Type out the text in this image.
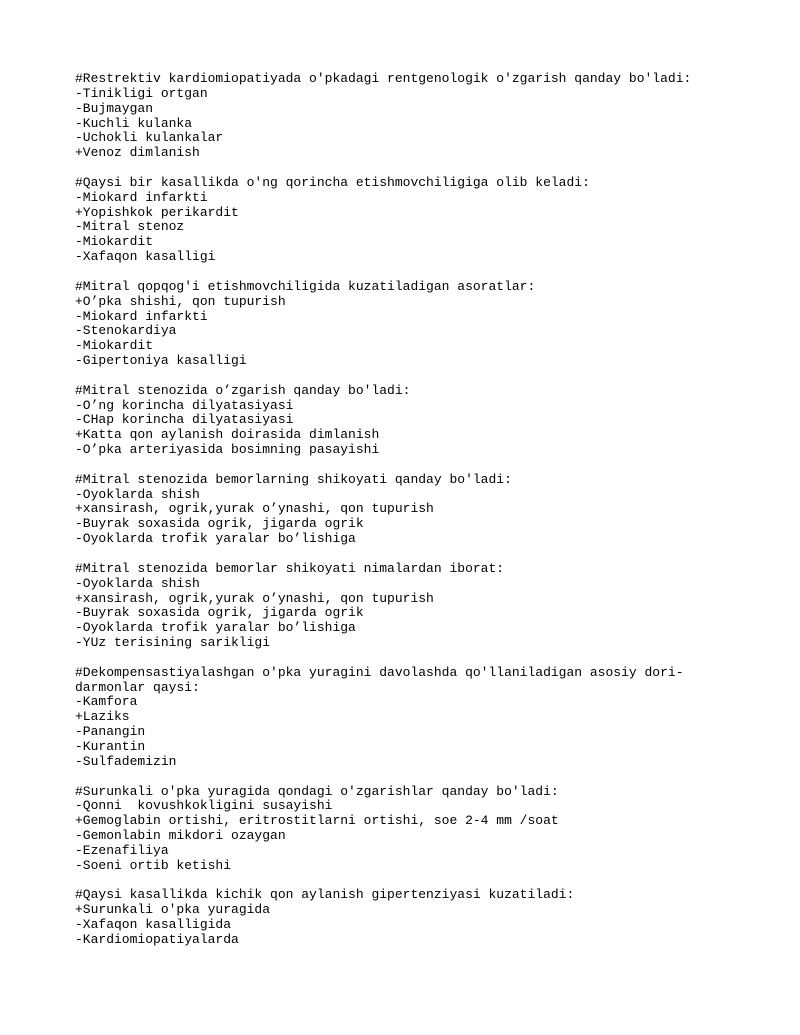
#Restrektiv kardiomiopatiyada o'pkadagi rentgenologik o'zgarish qanday bo'ladi:
-Tinikligi ortgan
-Bujmaygan
-Kuchli kulanka
-Uchokli kulankalar
+Venoz dimlanish
#Qaysi bir kasallikda o'ng qorincha etishmovchiligiga olib keladi:
-Miokard infarkti
+Yopishkok perikardit
-Mitral stenoz
-Miokardit
-Xafaqon kasalligi
#Mitral qopqog'i etishmovchiligida kuzatiladigan asoratlar:
+O’pka shishi, qon tupurish
-Miokard infarkti
-Stenokardiya
-Miokardit
-Gipertoniya kasalligi
#Mitral stenozida o’zgarish qanday bo'ladi:
-O’ng korincha dilyatasiyasi
-CHap korincha dilyatasiyasi
+Katta qon aylanish doirasida dimlanish
-O’pka arteriyasida bosimning pasayishi
#Mitral stenozida bemorlarning shikoyati qanday bo'ladi:
-Oyoklarda shish
+xansirash, ogrik,yurak o’ynashi, qon tupurish
-Buyrak soxasida ogrik, jigarda ogrik
-Oyoklarda trofik yaralar bo’lishiga
#Mitral stenozida bemorlar shikoyati nimalardan iborat:
-Oyoklarda shish
+xansirash, ogrik,yurak o’ynashi, qon tupurish
-Buyrak soxasida ogrik, jigarda ogrik
-Oyoklarda trofik yaralar bo’lishiga
-YUz terisining sarikligi
#Dekompensastiyalashgan o'pka yuragini davolashda qo'llaniladigan asosiy dori-
darmonlar qaysi:
-Kamfora
+Laziks
-Panangin
-Kurantin
-Sulfademizin
#Surunkali o'pka yuragida qondagi o'zgarishlar qanday bo'ladi:
-Qonni  kovushkokligini susayishi
+Gemoglabin ortishi, eritrostitlarni ortishi, soe 2-4 mm /soat
-Gemonlabin mikdori ozaygan
-Ezenafiliya
-Soeni ortib ketishi
#Qaysi kasallikda kichik qon aylanish gipertenziyasi kuzatiladi:
+Surunkali o'pka yuragida
-Xafaqon kasalligida
-Kardiomiopatiyalarda
